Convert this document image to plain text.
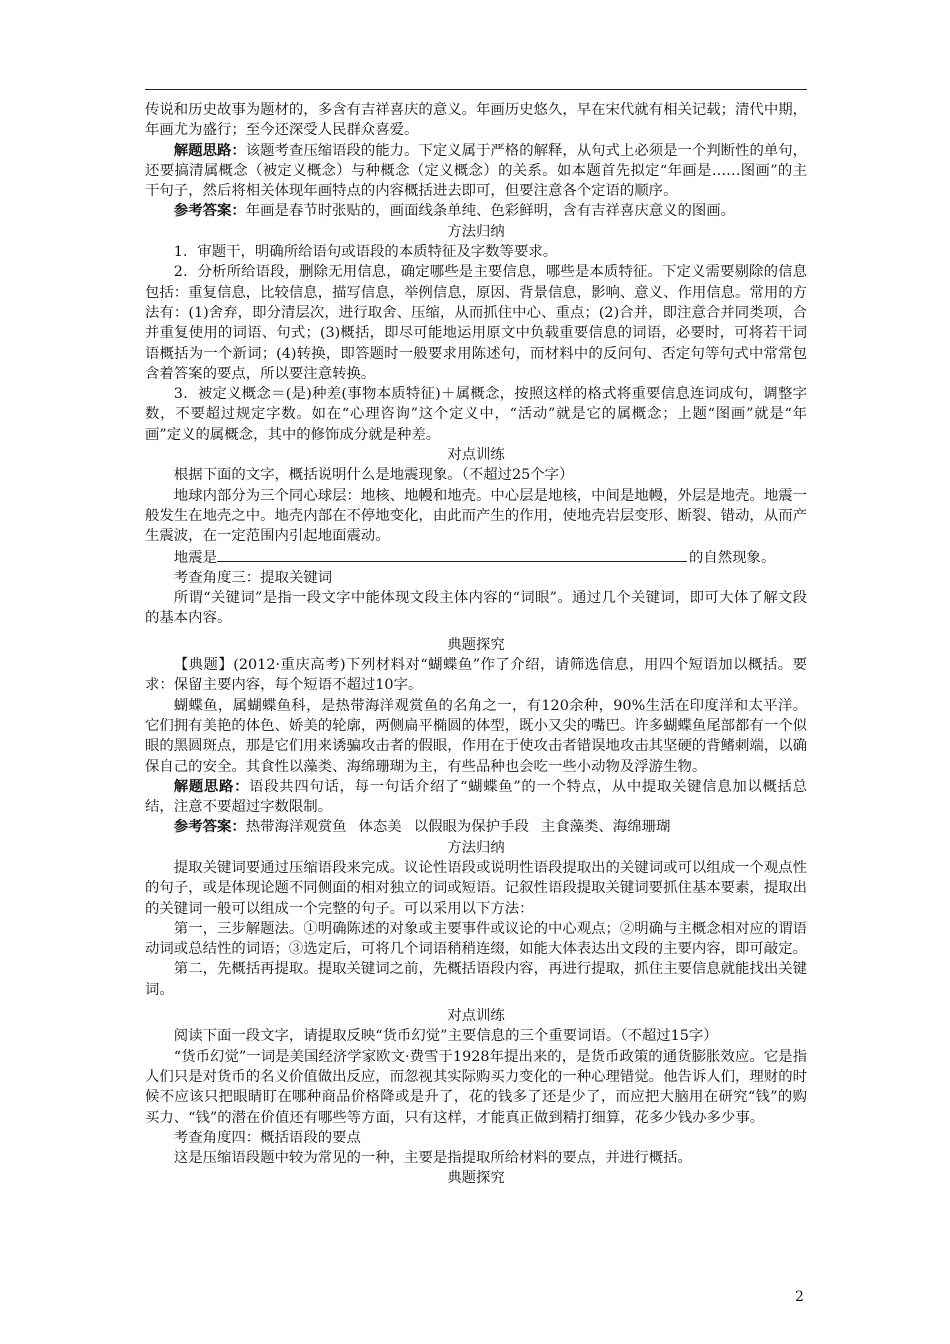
传说和历史故事为题材的，多含有吉祥喜庆的意义。年画历史悠久，早在宋代就有相关记载；清代中期，年画尤为盛行；至今还深受人民群众喜爱。

解题思路：该题考查压缩语段的能力。下定义属于严格的解释，从句式上必须是一个判断性的单句，还要搞清属概念（被定义概念）与种概念（定义概念）的关系。如本题首先拟定“年画是……图画”的主干句子，然后将相关体现年画特点的内容概括进去即可，但要注意各个定语的顺序。

参考答案：年画是春节时张贴的，画面线条单纯、色彩鲜明，含有吉祥喜庆意义的图画。

方法归纳

1．审题干，明确所给语句或语段的本质特征及字数等要求。

2．分析所给语段，删除无用信息，确定哪些是主要信息，哪些是本质特征。下定义需要剔除的信息包括：重复信息，比较信息，描写信息，举例信息，原因、背景信息，影响、意义、作用信息。常用的方法有：(1)舍弃，即分清层次，进行取舍、压缩，从而抓住中心、重点；(2)合并，即注意合并同类项，合并重复使用的词语、句式；(3)概括，即尽可能地运用原文中负载重要信息的词语，必要时，可将若干词语概括为一个新词；(4)转换，即答题时一般要求用陈述句，而材料中的反问句、否定句等句式中常常包含着答案的要点，所以要注意转换。

3．被定义概念＝(是)种差(事物本质特征)＋属概念，按照这样的格式将重要信息连词成句，调整字数，不要超过规定字数。如在“心理咨询”这个定义中，“活动”就是它的属概念；上题“图画”就是“年画”定义的属概念，其中的修饰成分就是种差。

对点训练

根据下面的文字，概括说明什么是地震现象。（不超过25个字）

地球内部分为三个同心球层：地核、地幔和地壳。中心层是地核，中间是地幔，外层是地壳。地震一般发生在地壳之中。地壳内部在不停地变化，由此而产生的作用，使地壳岩层变形、断裂、错动，从而产生震波，在一定范围内引起地面震动。

地震是	的自然现象。

考查角度三：提取关键词

所谓“关键词”是指一段文字中能体现文段主体内容的“词眼”。通过几个关键词，即可大体了解文段的基本内容。

典题探究

【典题】(2012·重庆高考)下列材料对“蝴蝶鱼”作了介绍，请筛选信息，用四个短语加以概括。要求：保留主要内容，每个短语不超过10字。

蝴蝶鱼，属蝴蝶鱼科，是热带海洋观赏鱼的名角之一，有120余种，90%生活在印度洋和太平洋。它们拥有美艳的体色、娇美的轮廓，两侧扁平椭圆的体型，既小又尖的嘴巴。许多蝴蝶鱼尾部都有一个似眼的黑圆斑点，那是它们用来诱骗攻击者的假眼，作用在于使攻击者错误地攻击其坚硬的背鳍刺端，以确保自己的安全。其食性以藻类、海绵珊瑚为主，有些品种也会吃一些小动物及浮游生物。

解题思路：语段共四句话，每一句话介绍了“蝴蝶鱼”的一个特点，从中提取关键信息加以概括总结，注意不要超过字数限制。

参考答案：热带海洋观赏鱼 体态美 以假眼为保护手段 主食藻类、海绵珊瑚

方法归纳

提取关键词要通过压缩语段来完成。议论性语段或说明性语段提取出的关键词或可以组成一个观点性的句子，或是体现论题不同侧面的相对独立的词或短语。记叙性语段提取关键词要抓住基本要素，提取出的关键词一般可以组成一个完整的句子。可以采用以下方法：

第一，三步解题法。①明确陈述的对象或主要事件或议论的中心观点；②明确与主概念相对应的谓语动词或总结性的词语；③选定后，可将几个词语稍稍连缀，如能大体表达出文段的主要内容，即可敲定。

第二，先概括再提取。提取关键词之前，先概括语段内容，再进行提取，抓住主要信息就能找出关键词。

对点训练

阅读下面一段文字，请提取反映“货币幻觉”主要信息的三个重要词语。（不超过15字）

“货币幻觉”一词是美国经济学家欧文·费雪于1928年提出来的，是货币政策的通货膨胀效应。它是指人们只是对货币的名义价值做出反应，而忽视其实际购买力变化的一种心理错觉。他告诉人们，理财的时候不应该只把眼睛盯在哪种商品价格降或是升了，花的钱多了还是少了，而应把大脑用在研究“钱”的购买力、“钱”的潜在价值还有哪些等方面，只有这样，才能真正做到精打细算，花多少钱办多少事。

考查角度四：概括语段的要点

这是压缩语段题中较为常见的一种，主要是指提取所给材料的要点，并进行概括。

典题探究

2
